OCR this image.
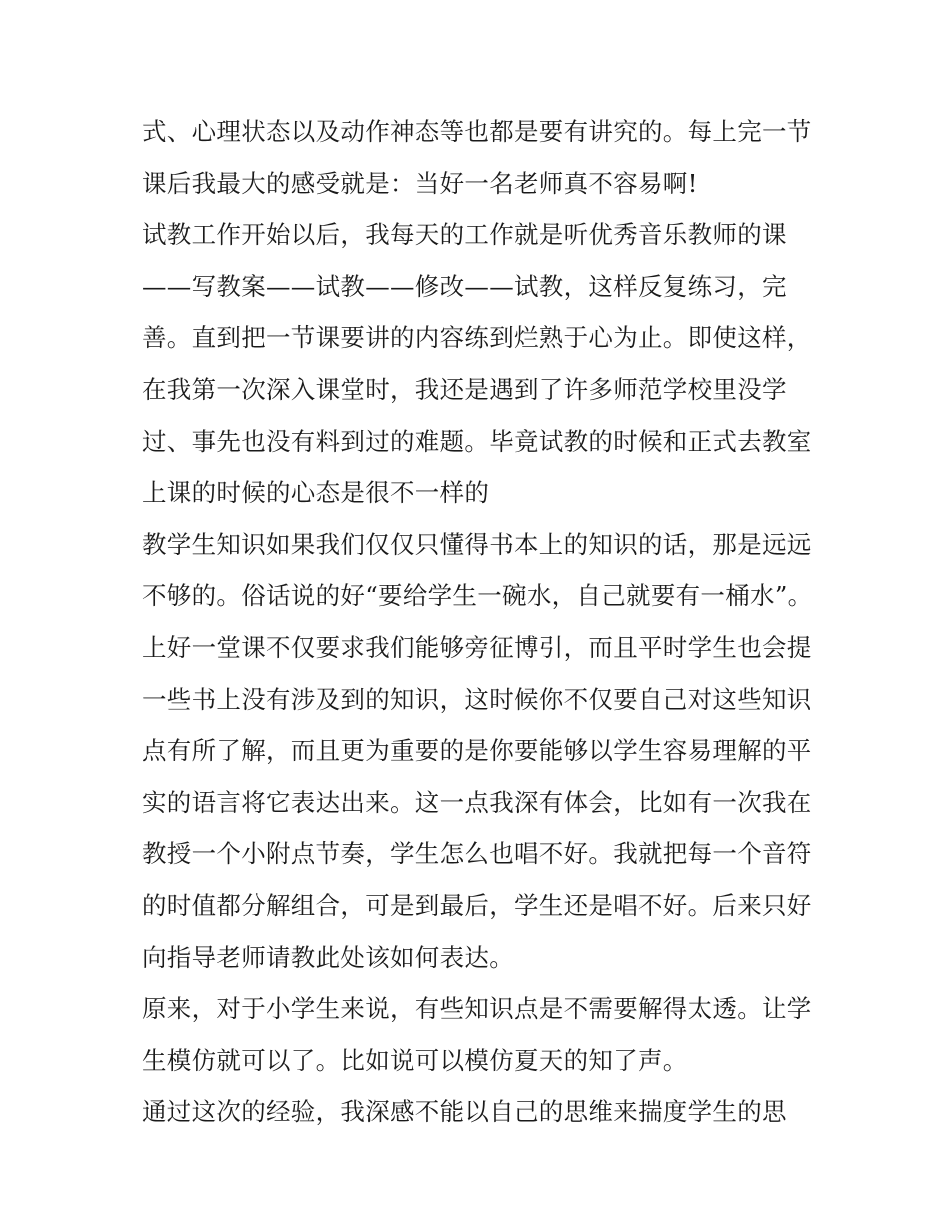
式、心理状态以及动作神态等也都是要有讲究的。每上完一节
课后我最大的感受就是：当好一名老师真不容易啊!
试教工作开始以后，我每天的工作就是听优秀音乐教师的课
——写教案——试教——修改——试教，这样反复练习，完
善。直到把一节课要讲的内容练到烂熟于心为止。即使这样，
在我第一次深入课堂时，我还是遇到了许多师范学校里没学
过、事先也没有料到过的难题。毕竟试教的时候和正式去教室
上课的时候的心态是很不一样的
教学生知识如果我们仅仅只懂得书本上的知识的话，那是远远
不够的。俗话说的好“要给学生一碗水，自己就要有一桶水”。
上好一堂课不仅要求我们能够旁征博引，而且平时学生也会提
一些书上没有涉及到的知识，这时候你不仅要自己对这些知识
点有所了解，而且更为重要的是你要能够以学生容易理解的平
实的语言将它表达出来。这一点我深有体会，比如有一次我在
教授一个小附点节奏，学生怎么也唱不好。我就把每一个音符
的时值都分解组合，可是到最后，学生还是唱不好。后来只好
向指导老师请教此处该如何表达。
原来，对于小学生来说，有些知识点是不需要解得太透。让学
生模仿就可以了。比如说可以模仿夏天的知了声。
通过这次的经验，我深感不能以自己的思维来揣度学生的思
